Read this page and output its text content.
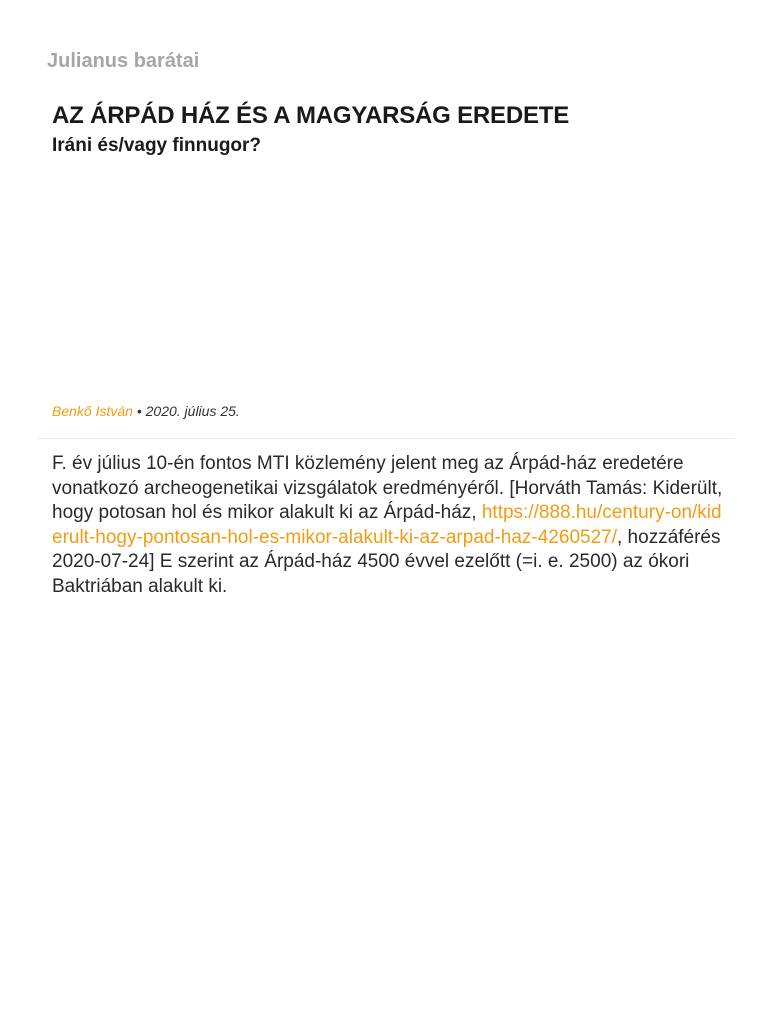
Julianus barátai
AZ ÁRPÁD HÁZ ÉS A MAGYARSÁG EREDETE
Iráni és/vagy finnugor?
Benkő István • 2020. július 25.

F. év július 10-én fontos MTI közlemény jelent meg az Árpád-ház eredetére vonatkozó archeogenetikai vizsgálatok eredményéről. [Horváth Tamás: Kiderült, hogy potosan hol és mikor alakult ki az Árpád-ház, https://888.hu/century-on/kiderult-hogy-pontosan-hol-es-mikor-alakult-ki-az-arpad-haz-4260527/, hozzáférés 2020-07-24] E szerint az Árpád-ház 4500 évvel ezelőtt (=i. e. 2500) az ókori Baktriában alakult ki.
